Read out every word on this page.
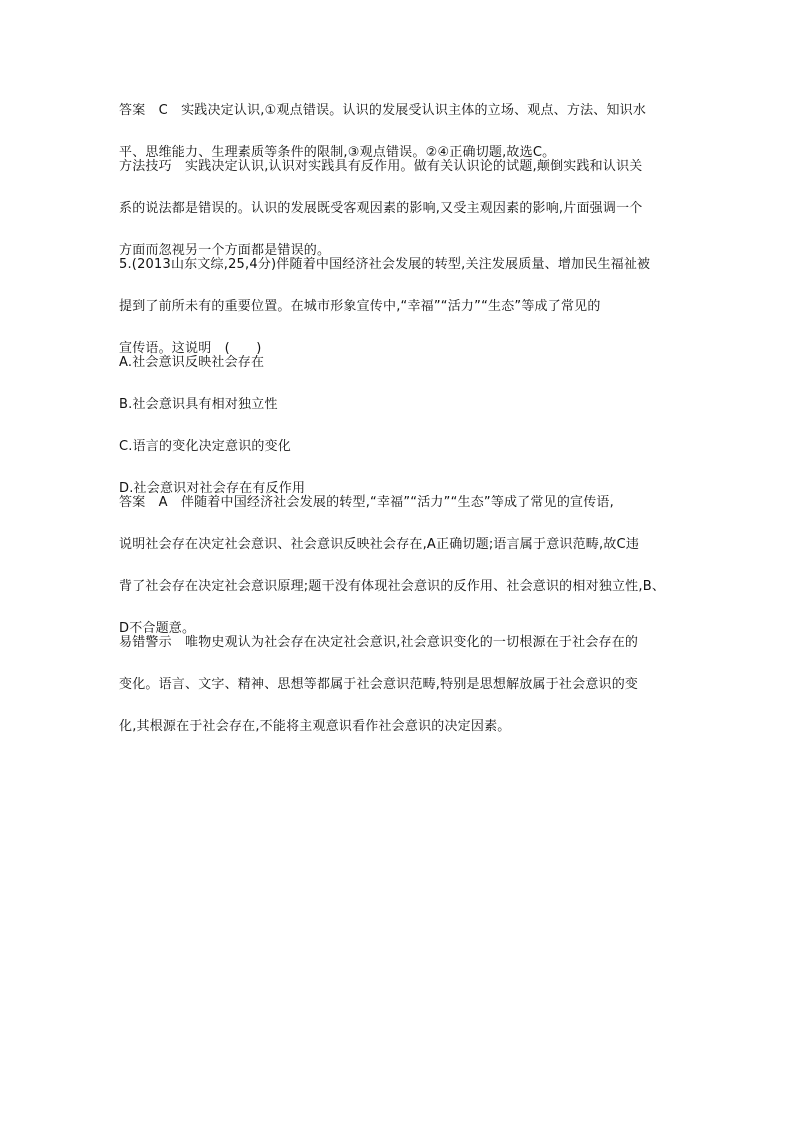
答案　C　实践决定认识,①观点错误。认识的发展受认识主体的立场、观点、方法、知识水

平、思维能力、生理素质等条件的限制,③观点错误。②④正确切题,故选C。

方法技巧　实践决定认识,认识对实践具有反作用。做有关认识论的试题,颠倒实践和认识关

系的说法都是错误的。认识的发展既受客观因素的影响,又受主观因素的影响,片面强调一个

方面而忽视另一个方面都是错误的。

5.(2013山东文综,25,4分)伴随着中国经济社会发展的转型,关注发展质量、增加民生福祉被

提到了前所未有的重要位置。在城市形象宣传中,“幸福”“活力”“生态”等成了常见的

宣传语。这说明　(　　)

A.社会意识反映社会存在

B.社会意识具有相对独立性

C.语言的变化决定意识的变化

D.社会意识对社会存在有反作用

答案　A　伴随着中国经济社会发展的转型,“幸福”“活力”“生态”等成了常见的宣传语,

说明社会存在决定社会意识、社会意识反映社会存在,A正确切题;语言属于意识范畴,故C违

背了社会存在决定社会意识原理;题干没有体现社会意识的反作用、社会意识的相对独立性,B、

D不合题意。

易错警示　唯物史观认为社会存在决定社会意识,社会意识变化的一切根源在于社会存在的

变化。语言、文字、精神、思想等都属于社会意识范畴,特别是思想解放属于社会意识的变

化,其根源在于社会存在,不能将主观意识看作社会意识的决定因素。
